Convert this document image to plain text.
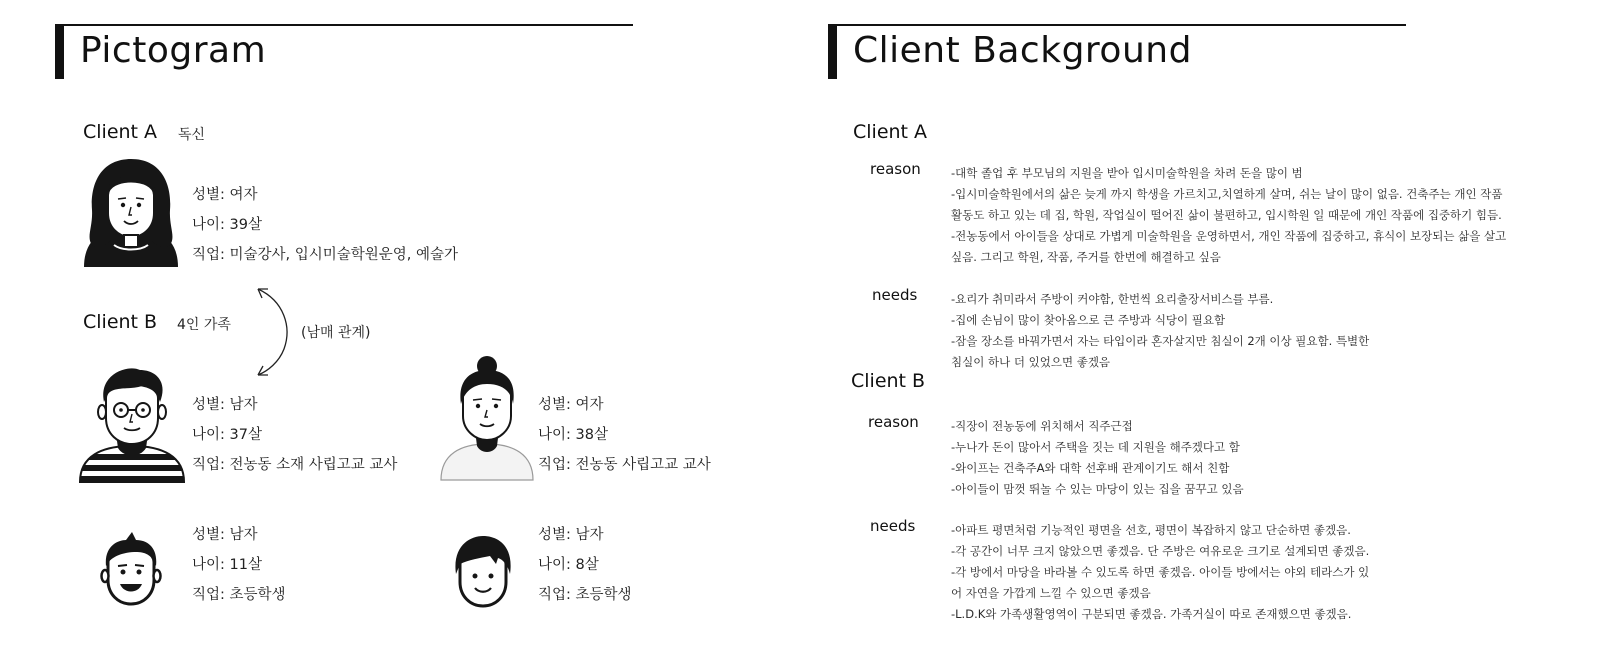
Pictogram
Client A 독신
성별: 여자
나이: 39살
직업: 미술강사, 입시미술학원운영, 예술가
Client B 4인 가족	(남매 관계)
성별: 남자
나이: 37살
직업: 전농동 소재 사립고교 교사
성별: 여자
나이: 38살
직업: 전농동 사립고교 교사
성별: 남자
나이: 11살
직업: 초등학생
성별: 남자
나이: 8살
직업: 초등학생
Client Background
Client A
reason	-대학 졸업 후 부모님의 지원을 받아 입시미술학원을 차려 돈을 많이 범
-입시미술학원에서의 삶은 늦게 까지 학생을 가르치고,치열하게 살며, 쉬는 날이 많이 없음. 건축주는 개인 작품
활동도 하고 있는 데 집, 학원, 작업실이 떨어진 삶이 불편하고, 입시학원 일 때문에 개인 작품에 집중하기 힘듬.
-전농동에서 아이들을 상대로 가볍게 미술학원을 운영하면서, 개인 작품에 집중하고, 휴식이 보장되는 삶을 살고
싶음. 그리고 학원, 작품, 주거를 한번에 해결하고 싶음
needs	-요리가 취미라서 주방이 커야함, 한번씩 요리출장서비스를 부름.
-집에 손님이 많이 찾아옴으로 큰 주방과 식당이 필요함
-잠을 장소를 바꿔가면서 자는 타입이라 혼자살지만 침실이 2개 이상 필요함. 특별한
침실이 하나 더 있었으면 좋겠음
Client B
reason	-직장이 전농동에 위치해서 직주근접
-누나가 돈이 많아서 주택을 짓는 데 지원을 해주겠다고 함
-와이프는 건축주A와 대학 선후배 관계이기도 해서 친함
-아이들이 맘껏 뛰놀 수 있는 마당이 있는 집을 꿈꾸고 있음
needs	-아파트 평면처럼 기능적인 평면을 선호, 평면이 복잡하지 않고 단순하면 좋겠음.
-각 공간이 너무 크지 않았으면 좋겠음. 단 주방은 여유로운 크기로 설계되면 좋겠음.
-각 방에서 마당을 바라볼 수 있도록 하면 좋겠음. 아이들 방에서는 야외 테라스가 있
어 자연을 가깝게 느낄 수 있으면 좋겠음
-L.D.K와 가족생활영역이 구분되면 좋겠음. 가족거실이 따로 존재했으면 좋겠음.
